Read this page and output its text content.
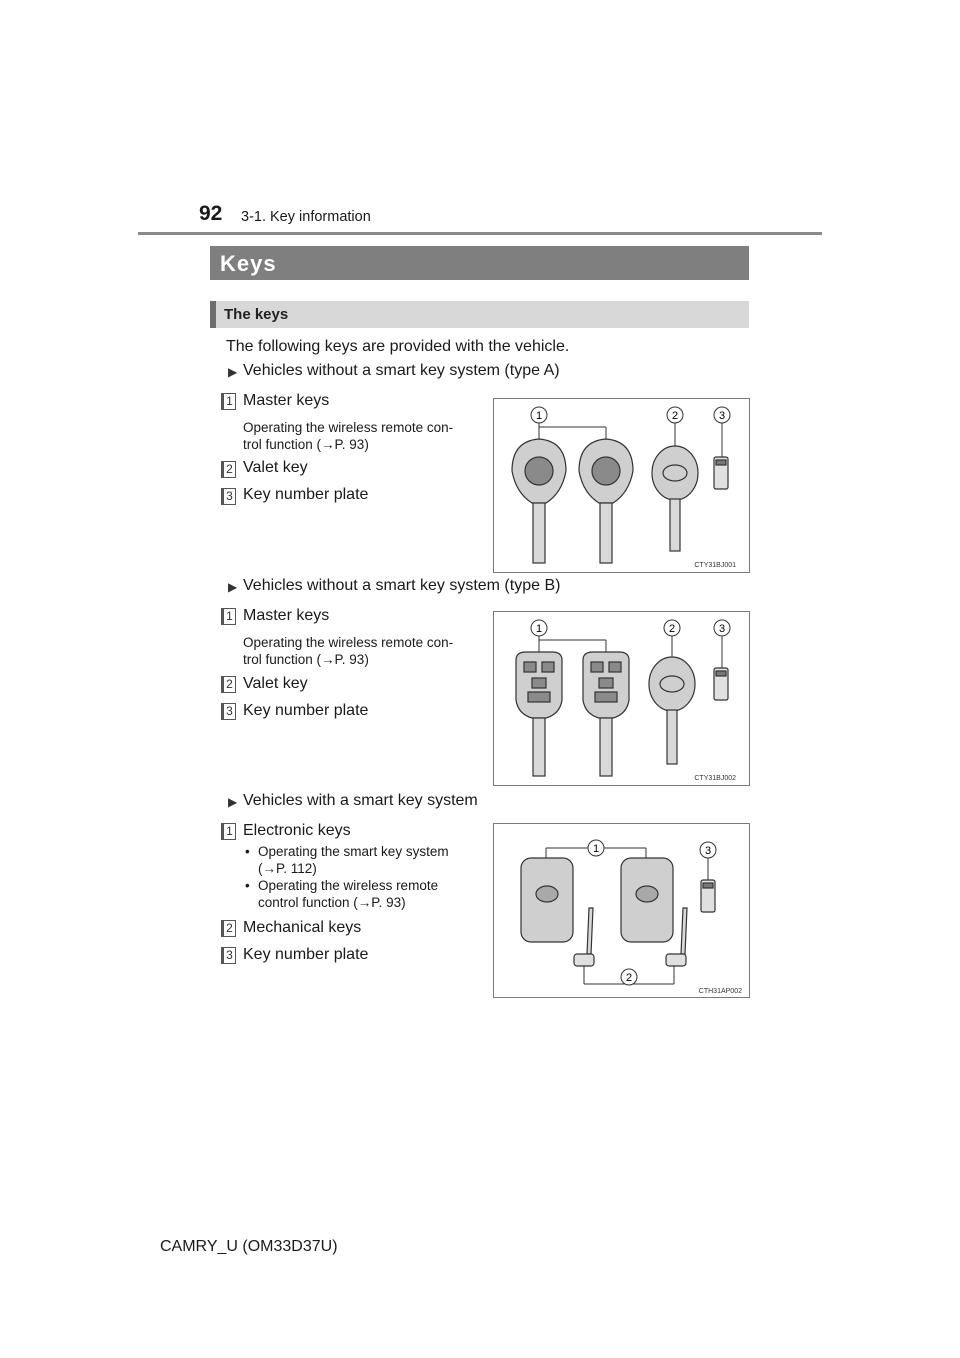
92 3-1. Key information
Keys
The keys
The following keys are provided with the vehicle.
▶ Vehicles without a smart key system (type A)
1 Master keys
Operating the wireless remote con-
trol function (→P. 93)
2 Valet key
3 Key number plate
1	2	3
CTY31BJ001
▶ Vehicles without a smart key system (type B)
1 Master keys
Operating the wireless remote con-
trol function (→P. 93)
2 Valet key
3 Key number plate
1	2	3
CTY31BJ002
▶ Vehicles with a smart key system
1 Electronic keys
• Operating the smart key system
(→P. 112)
• Operating the wireless remote
control function (→P. 93)
2 Mechanical keys
3 Key number plate
1	3
2
CTH31AP002
CAMRY_U (OM33D37U)
